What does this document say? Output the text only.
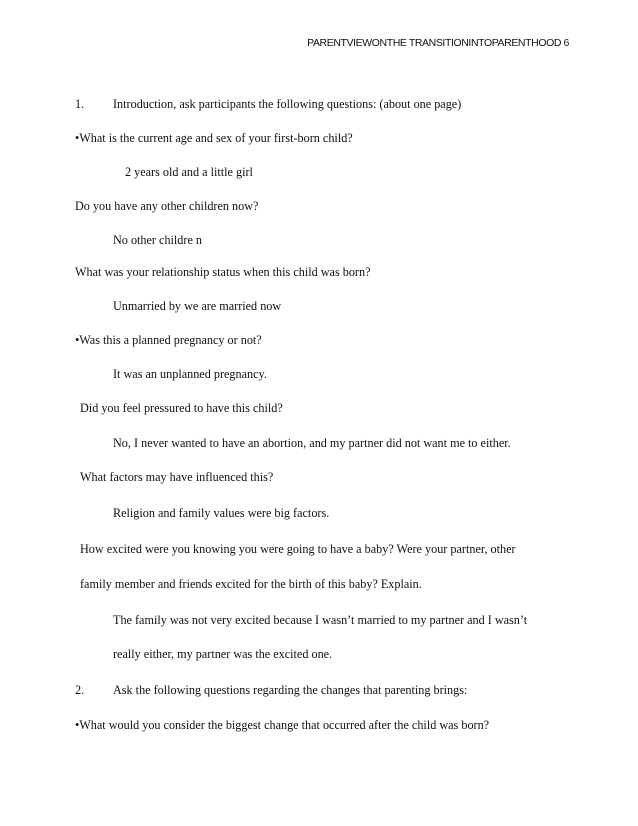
PARENTVIEWONTHE TRANSITIONINTOPARENTHOOD 6
1. Introduction, ask participants the following questions: (about one page)
•What is the current age and sex of your first-born child?
2 years old and a little girl
Do you have any other children now?
No other childre n
What was your relationship status when this child was born?
Unmarried by we are married now
•Was this a planned pregnancy or not?
It was an unplanned pregnancy.
Did you feel pressured to have this child?
No, I never wanted to have an abortion, and my partner did not want me to either.
What factors may have influenced this?
Religion and family values were big factors.
How excited were you knowing you were going to have a baby? Were your partner, other
family member and friends excited for the birth of this baby? Explain.
The family was not very excited because I wasn’t married to my partner and I wasn’t
really either, my partner was the excited one.
2. Ask the following questions regarding the changes that parenting brings:
•What would you consider the biggest change that occurred after the child was born?
